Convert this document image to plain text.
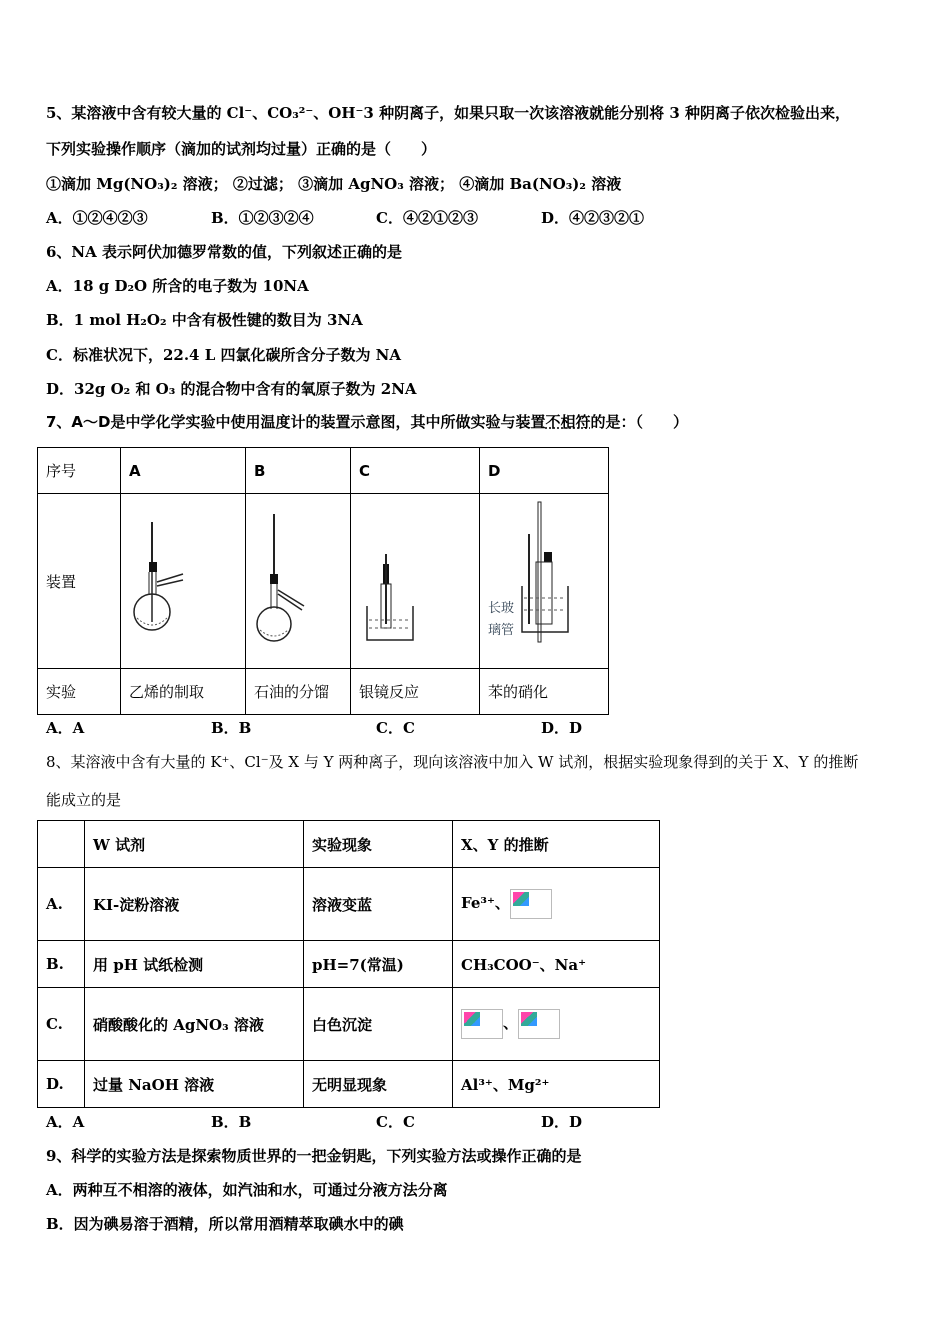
5、某溶液中含有较大量的 Cl⁻、CO₃²⁻、OH⁻3 种阴离子，如果只取一次该溶液就能分别将 3 种阴离子依次检验出来，
下列实验操作顺序（滴加的试剂均过量）正确的是（　　）
①滴加 Mg(NO₃)₂ 溶液； ②过滤； ③滴加 AgNO₃ 溶液； ④滴加 Ba(NO₃)₂ 溶液
A．①②④②③	B．①②③②④	C．④②①②③	D．④②③②①
6、NA 表示阿伏加德罗常数的值，下列叙述正确的是
A．18 g D₂O 所含的电子数为 10NA
B．1 mol H₂O₂ 中含有极性键的数目为 3NA
C．标准状况下，22.4 L 四氯化碳所含分子数为 NA
D．32g O₂ 和 O₃ 的混合物中含有的氧原子数为 2NA
7、A～D是中学化学实验中使用温度计的装置示意图，其中所做实验与装置不相符的是：（　　）
序号	A	B	C	D
装置				长玻
璃管

实验	乙烯的制取	石油的分馏	银镜反应	苯的硝化
A．A	B．B	C．C	D．D
8、某溶液中含有大量的 K⁺、Cl⁻及 X 与 Y 两种离子，现向该溶液中加入 W 试剂，根据实验现象得到的关于 X、Y 的推断
能成立的是
	W 试剂	实验现象	X、Y 的推断
A.	KI-淀粉溶液	溶液变蓝	Fe³⁺、

B.	用 pH 试纸检测	pH=7(常温)	CH₃COO⁻、Na⁺
C.	硝酸酸化的 AgNO₃ 溶液	白色沉淀	、

D.	过量 NaOH 溶液	无明显现象	Al³⁺、Mg²⁺
A．A	B．B	C．C	D．D
9、科学的实验方法是探索物质世界的一把金钥匙，下列实验方法或操作正确的是
A．两种互不相溶的液体，如汽油和水，可通过分液方法分离
B．因为碘易溶于酒精，所以常用酒精萃取碘水中的碘
